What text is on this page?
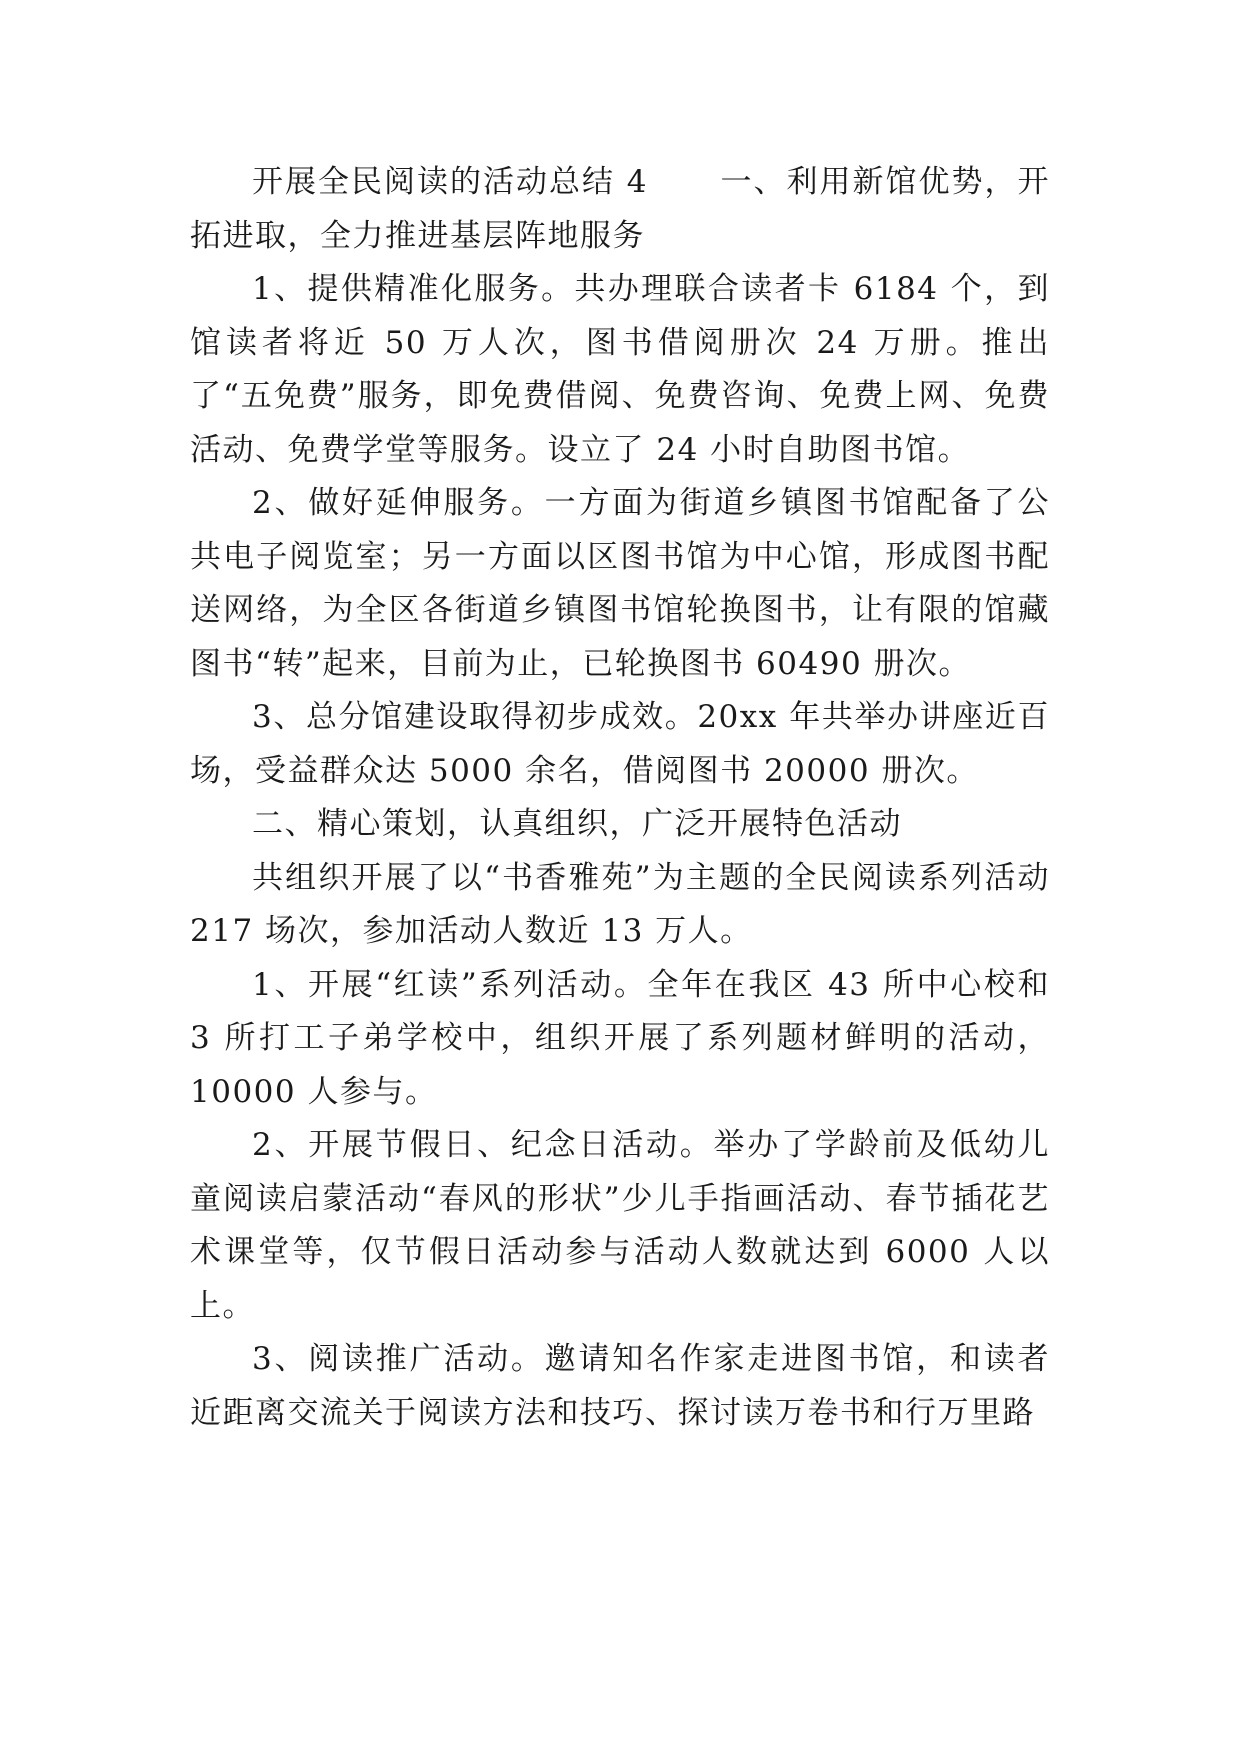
开展全民阅读的活动总结 4 一、利用新馆优势，开拓进取，全力推进基层阵地服务

1、提供精准化服务。共办理联合读者卡 6184 个，到馆读者将近 50 万人次，图书借阅册次 24 万册。推出了“五免费”服务，即免费借阅、免费咨询、免费上网、免费活动、免费学堂等服务。设立了 24 小时自助图书馆。

2、做好延伸服务。一方面为街道乡镇图书馆配备了公共电子阅览室；另一方面以区图书馆为中心馆，形成图书配送网络，为全区各街道乡镇图书馆轮换图书，让有限的馆藏图书“转”起来，目前为止，已轮换图书 60490 册次。

3、总分馆建设取得初步成效。20xx 年共举办讲座近百场，受益群众达 5000 余名，借阅图书 20000 册次。

二、精心策划，认真组织，广泛开展特色活动

共组织开展了以“书香雅苑”为主题的全民阅读系列活动 217 场次，参加活动人数近 13 万人。

1、开展“红读”系列活动。全年在我区 43 所中心校和 3 所打工子弟学校中，组织开展了系列题材鲜明的活动，10000 人参与。

2、开展节假日、纪念日活动。举办了学龄前及低幼儿童阅读启蒙活动“春风的形状”少儿手指画活动、春节插花艺术课堂等，仅节假日活动参与活动人数就达到 6000 人以上。

3、阅读推广活动。邀请知名作家走进图书馆，和读者近距离交流关于阅读方法和技巧、探讨读万卷书和行万里路
